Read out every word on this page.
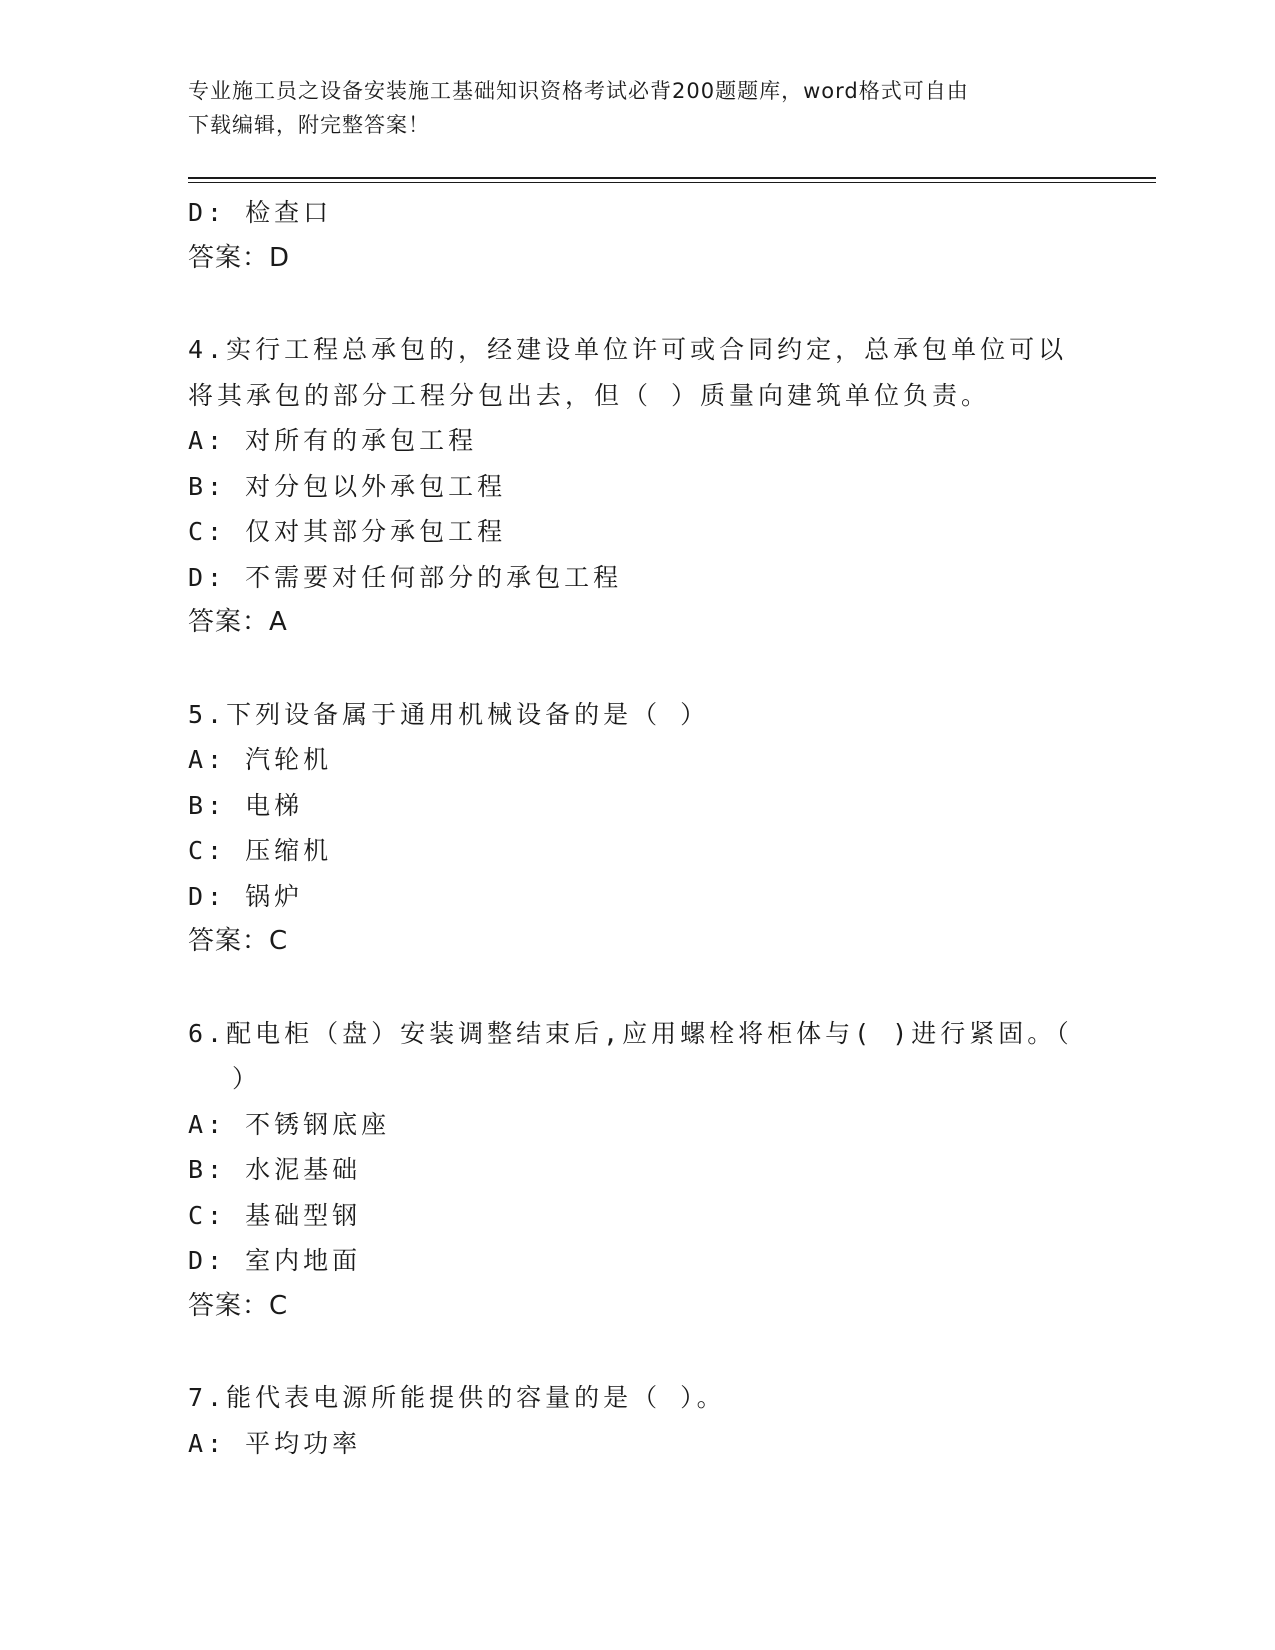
专业施工员之设备安装施工基础知识资格考试必背200题题库，word格式可自由
下载编辑，附完整答案！

D: 检查口

答案：D

4.实行工程总承包的，经建设单位许可或合同约定，总承包单位可以

将其承包的部分工程分包出去，但（ ）质量向建筑单位负责。

A: 对所有的承包工程

B: 对分包以外承包工程

C: 仅对其部分承包工程

D: 不需要对任何部分的承包工程

答案：A

5.下列设备属于通用机械设备的是（ ）

A: 汽轮机

B: 电梯

C: 压缩机

D: 锅炉

答案：C

6.配电柜（盘）安装调整结束后,应用螺栓将柜体与( )进行紧固。（

）

A: 不锈钢底座

B: 水泥基础

C: 基础型钢

D: 室内地面

答案：C

7.能代表电源所能提供的容量的是（ ）。

A: 平均功率
